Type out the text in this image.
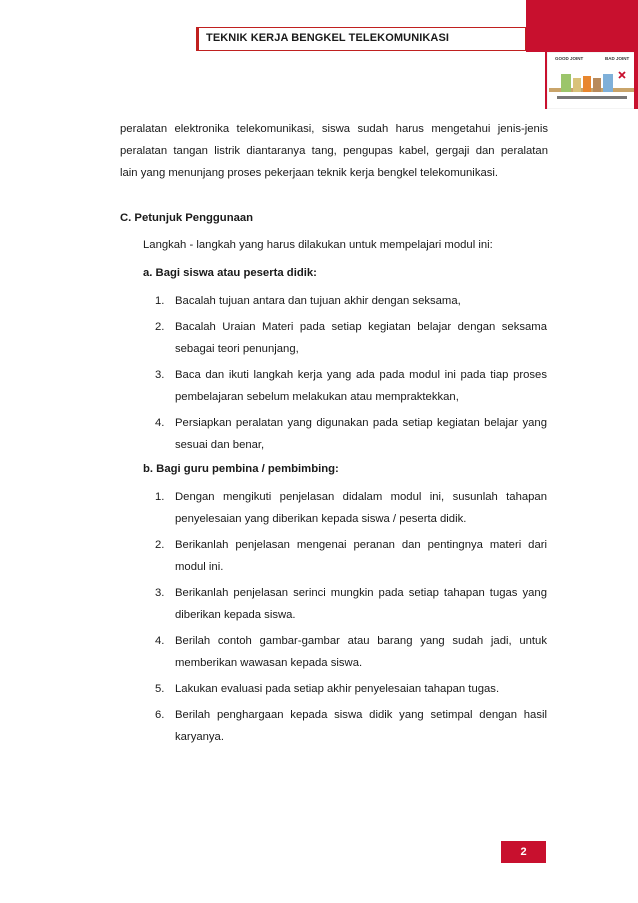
TEKNIK KERJA BENGKEL TELEKOMUNIKASI
GOOD JOINT	BAD JOINT
peralatan elektronika telekomunikasi, siswa sudah harus mengetahui jenis-jenis
peralatan tangan listrik diantaranya tang, pengupas kabel, gergaji dan peralatan
lain yang menunjang proses pekerjaan teknik kerja bengkel telekomunikasi.
C. Petunjuk Penggunaan
Langkah - langkah yang harus dilakukan untuk mempelajari modul ini:
a. Bagi siswa atau peserta didik:
1. Bacalah tujuan antara dan tujuan akhir dengan seksama,
2. Bacalah Uraian Materi pada setiap kegiatan belajar dengan seksama sebagai teori penunjang,
3. Baca dan ikuti langkah kerja yang ada pada modul ini pada tiap proses pembelajaran sebelum melakukan atau mempraktekkan,
4. Persiapkan peralatan yang digunakan pada setiap kegiatan belajar yang sesuai dan benar,
b. Bagi guru pembina / pembimbing:
1. Dengan mengikuti penjelasan didalam modul ini, susunlah tahapan penyelesaian yang diberikan kepada siswa / peserta didik.
2. Berikanlah penjelasan mengenai peranan dan pentingnya materi dari modul ini.
3. Berikanlah penjelasan serinci mungkin pada setiap tahapan tugas yang diberikan kepada siswa.
4. Berilah contoh gambar-gambar atau barang yang sudah jadi, untuk memberikan wawasan kepada siswa.
5. Lakukan evaluasi pada setiap akhir penyelesaian tahapan tugas.
6. Berilah penghargaan kepada siswa didik yang setimpal dengan hasil karyanya.
2
